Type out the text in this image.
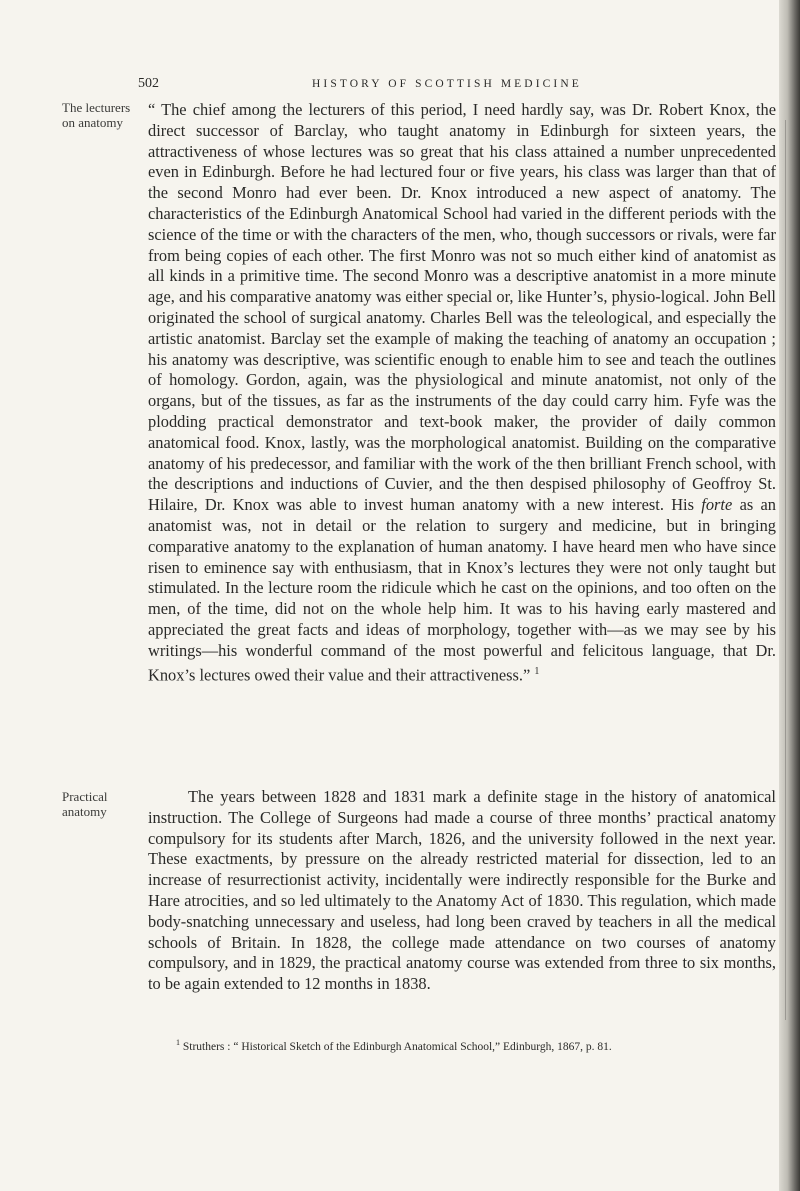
502	HISTORY OF SCOTTISH MEDICINE
The lecturers
on anatomy
Practical
anatomy

“ The chief among the lecturers of this period, I need hardly say, was Dr. Robert Knox, the direct successor of Barclay, who taught anatomy in Edinburgh for sixteen years, the attractiveness of whose lectures was so great that his class attained a number unprecedented even in Edinburgh. Before he had lectured four or five years, his class was larger than that of the second Monro had ever been. Dr. Knox introduced a new aspect of anatomy. The characteristics of the Edinburgh Anatomical School had varied in the different periods with the science of the time or with the characters of the men, who, though successors or rivals, were far from being copies of each other. The first Monro was not so much either kind of anatomist as all kinds in a primitive time. The second Monro was a descriptive anatomist in a more minute age, and his comparative anatomy was either special or, like Hunter’s, physio-logical. John Bell originated the school of surgical anatomy. Charles Bell was the teleological, and especially the artistic anatomist. Barclay set the example of making the teaching of anatomy an occupation ; his anatomy was descriptive, was scientific enough to enable him to see and teach the outlines of homology. Gordon, again, was the physiological and minute anatomist, not only of the organs, but of the tissues, as far as the instruments of the day could carry him. Fyfe was the plodding practical demonstrator and text-book maker, the provider of daily common anatomical food. Knox, lastly, was the morphological anatomist. Building on the comparative anatomy of his predecessor, and familiar with the work of the then brilliant French school, with the descriptions and inductions of Cuvier, and the then despised philosophy of Geoffroy St. Hilaire, Dr. Knox was able to invest human anatomy with a new interest. His forte as an anatomist was, not in detail or the relation to surgery and medicine, but in bringing comparative anatomy to the explanation of human anatomy. I have heard men who have since risen to eminence say with enthusiasm, that in Knox’s lectures they were not only taught but stimulated. In the lecture room the ridicule which he cast on the opinions, and too often on the men, of the time, did not on the whole help him. It was to his having early mastered and appreciated the great facts and ideas of morphology, together with—as we may see by his writings—his wonderful command of the most powerful and felicitous language, that Dr. Knox’s lectures owed their value and their attractiveness.” $^1$

The years between 1828 and 1831 mark a definite stage in the history of anatomical instruction. The College of Surgeons had made a course of three months’ practical anatomy compulsory for its students after March, 1826, and the university followed in the next year. These exactments, by pressure on the already restricted material for dissection, led to an increase of resurrectionist activity, incidentally were indirectly responsible for the Burke and Hare atrocities, and so led ultimately to the Anatomy Act of 1830. This regulation, which made body-snatching unnecessary and useless, had long been craved by teachers in all the medical schools of Britain. In 1828, the college made attendance on two courses of anatomy compulsory, and in 1829, the practical anatomy course was extended from three to six months, to be again extended to 12 months in 1838.

$^1$ Struthers : “ Historical Sketch of the Edinburgh Anatomical School,” Edinburgh, 1867, p. 81.
